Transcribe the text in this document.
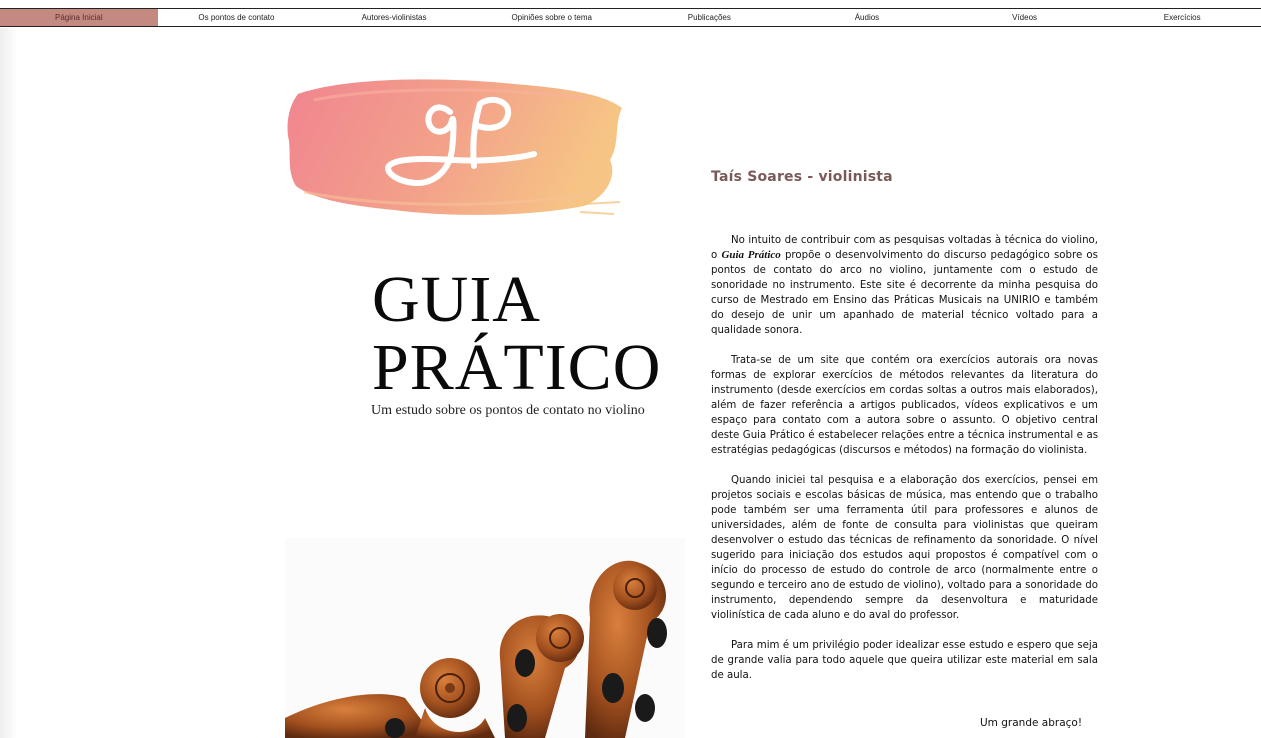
Página Inicial	Os pontos de contato	Autores-violinistas	Opiniões sobre o tema	Publicações	Áudios	Vídeos	Exercícios
GUIA
PRÁTICO
Um estudo sobre os pontos de contato no violino
Taís Soares - violinista

No intuito de contribuir com as pesquisas voltadas à técnica do violino, o Guia Prático propõe o desenvolvimento do discurso pedagógico sobre os pontos de contato do arco no violino, juntamente com o estudo de sonoridade no instrumento. Este site é decorrente da minha pesquisa do curso de Mestrado em Ensino das Práticas Musicais na UNIRIO e também do desejo de unir um apanhado de material técnico voltado para a qualidade sonora.

Trata-se de um site que contém ora exercícios autorais ora novas formas de explorar exercícios de métodos relevantes da literatura do instrumento (desde exercícios em cordas soltas a outros mais elaborados), além de fazer referência a artigos publicados, vídeos explicativos e um espaço para contato com a autora sobre o assunto. O objetivo central deste Guia Prático é estabelecer relações entre a técnica instrumental e as estratégias pedagógicas (discursos e métodos) na formação do violinista.

Quando iniciei tal pesquisa e a elaboração dos exercícios, pensei em projetos sociais e escolas básicas de música, mas entendo que o trabalho pode também ser uma ferramenta útil para professores e alunos de universidades, além de fonte de consulta para violinistas que queiram desenvolver o estudo das técnicas de refinamento da sonoridade. O nível sugerido para iniciação dos estudos aqui propostos é compatível com o início do processo de estudo do controle de arco (normalmente entre o segundo e terceiro ano de estudo de violino), voltado para a sonoridade do instrumento, dependendo sempre da desenvoltura e maturidade violinística de cada aluno e do aval do professor.

Para mim é um privilégio poder idealizar esse estudo e espero que seja de grande valia para todo aquele que queira utilizar este material em sala de aula.

Um grande abraço!
